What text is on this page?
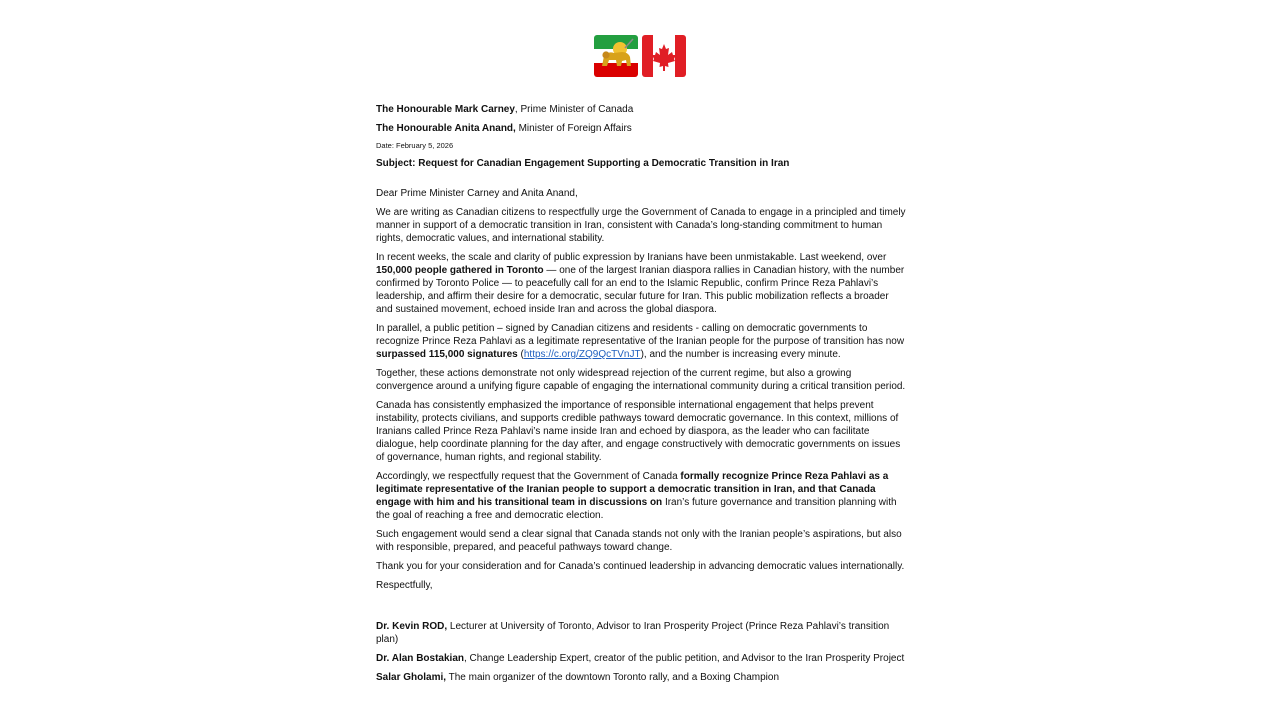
The Honourable Mark Carney, Prime Minister of Canada

The Honourable Anita Anand, Minister of Foreign Affairs

Date: February 5, 2026

Subject: Request for Canadian Engagement Supporting a Democratic Transition in Iran

Dear Prime Minister Carney and Anita Anand,

We are writing as Canadian citizens to respectfully urge the Government of Canada to engage in a principled and timely manner in support of a democratic transition in Iran, consistent with Canada’s long-standing commitment to human rights, democratic values, and international stability.

In recent weeks, the scale and clarity of public expression by Iranians have been unmistakable. Last weekend, over 150,000 people gathered in Toronto — one of the largest Iranian diaspora rallies in Canadian history, with the number confirmed by Toronto Police — to peacefully call for an end to the Islamic Republic, confirm Prince Reza Pahlavi’s leadership, and affirm their desire for a democratic, secular future for Iran. This public mobilization reflects a broader and sustained movement, echoed inside Iran and across the global diaspora.

In parallel, a public petition – signed by Canadian citizens and residents - calling on democratic governments to recognize Prince Reza Pahlavi as a legitimate representative of the Iranian people for the purpose of transition has now surpassed 115,000 signatures (https://c.org/ZQ9QcTVnJT), and the number is increasing every minute.

Together, these actions demonstrate not only widespread rejection of the current regime, but also a growing convergence around a unifying figure capable of engaging the international community during a critical transition period.

Canada has consistently emphasized the importance of responsible international engagement that helps prevent instability, protects civilians, and supports credible pathways toward democratic governance. In this context, millions of Iranians called Prince Reza Pahlavi’s name inside Iran and echoed by diaspora, as the leader who can facilitate dialogue, help coordinate planning for the day after, and engage constructively with democratic governments on issues of governance, human rights, and regional stability.

Accordingly, we respectfully request that the Government of Canada formally recognize Prince Reza Pahlavi as a legitimate representative of the Iranian people to support a democratic transition in Iran, and that Canada engage with him and his transitional team in discussions on Iran’s future governance and transition planning with the goal of reaching a free and democratic election.

Such engagement would send a clear signal that Canada stands not only with the Iranian people’s aspirations, but also with responsible, prepared, and peaceful pathways toward change.

Thank you for your consideration and for Canada’s continued leadership in advancing democratic values internationally.

Respectfully,

Dr. Kevin ROD, Lecturer at University of Toronto, Advisor to Iran Prosperity Project (Prince Reza Pahlavi’s transition plan)

Dr. Alan Bostakian, Change Leadership Expert, creator of the public petition, and Advisor to the Iran Prosperity Project

Salar Gholami, The main organizer of the downtown Toronto rally, and a Boxing Champion
